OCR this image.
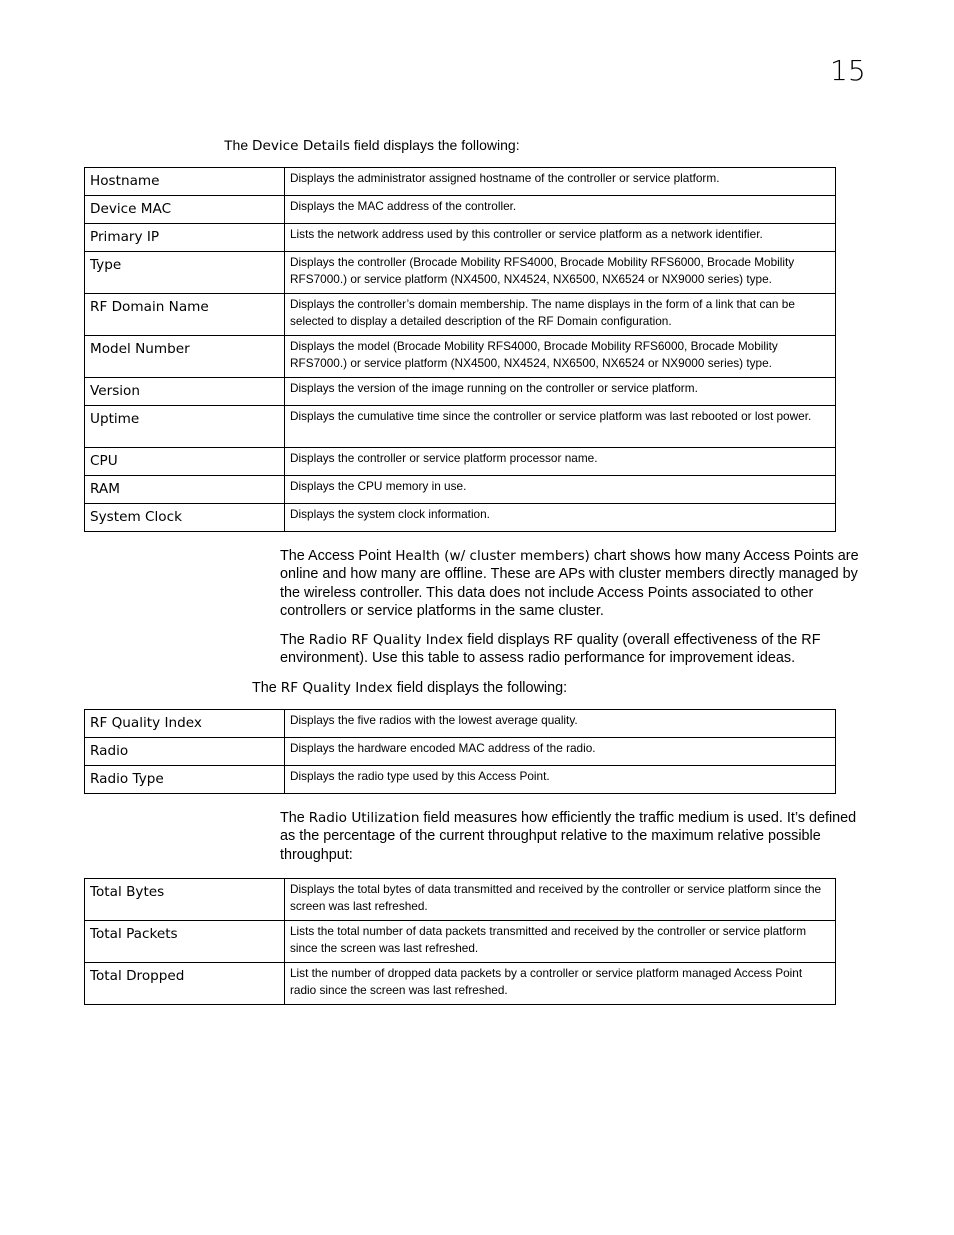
15

The Device Details field displays the following:

Hostname	Displays the administrator assigned hostname of the controller or service platform.
Device MAC	Displays the MAC address of the controller.
Primary IP	Lists the network address used by this controller or service platform as a network identifier.
Type	Displays the controller (Brocade Mobility RFS4000, Brocade Mobility RFS6000, Brocade Mobility RFS7000.) or service platform (NX4500, NX4524, NX6500, NX6524 or NX9000 series) type.
RF Domain Name	Displays the controller’s domain membership. The name displays in the form of a link that can be selected to display a detailed description of the RF Domain configuration.
Model Number	Displays the model (Brocade Mobility RFS4000, Brocade Mobility RFS6000, Brocade Mobility RFS7000.) or service platform (NX4500, NX4524, NX6500, NX6524 or NX9000 series) type.
Version	Displays the version of the image running on the controller or service platform.
Uptime	Displays the cumulative time since the controller or service platform was last rebooted or lost power.
CPU	Displays the controller or service platform processor name.
RAM	Displays the CPU memory in use.
System Clock	Displays the system clock information.

The Access Point Health (w/ cluster members) chart shows how many Access Points are online and how many are offline. These are APs with cluster members directly managed by the wireless controller. This data does not include Access Points associated to other controllers or service platforms in the same cluster.

The Radio RF Quality Index field displays RF quality (overall effectiveness of the RF environment). Use this table to assess radio performance for improvement ideas.

The RF Quality Index field displays the following:

RF Quality Index	Displays the five radios with the lowest average quality.
Radio	Displays the hardware encoded MAC address of the radio.
Radio Type	Displays the radio type used by this Access Point.

The Radio Utilization field measures how efficiently the traffic medium is used. It’s defined as the percentage of the current throughput relative to the maximum relative possible throughput:

Total Bytes	Displays the total bytes of data transmitted and received by the controller or service platform since the screen was last refreshed.
Total Packets	Lists the total number of data packets transmitted and received by the controller or service platform since the screen was last refreshed.
Total Dropped	List the number of dropped data packets by a controller or service platform managed Access Point radio since the screen was last refreshed.
